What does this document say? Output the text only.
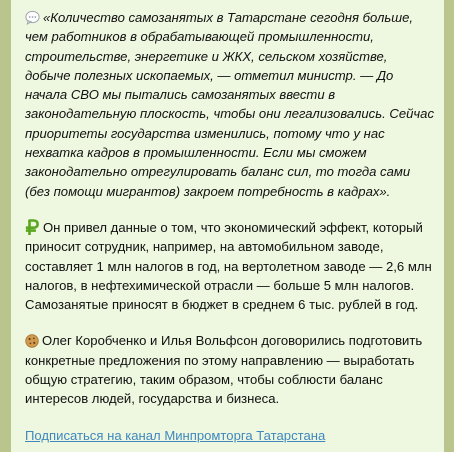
«Количество самозанятых в Татарстане сегодня больше, чем работников в обрабатывающей промышленности, строительстве, энергетике и ЖКХ, сельском хозяйстве, добыче полезных ископаемых, — отметил министр. — До начала СВО мы пытались самозанятых ввести в законодательную плоскость, чтобы они легализовались. Сейчас приоритеты государства изменились, потому что у нас нехватка кадров в промышленности. Если мы сможем законодательно отрегулировать баланс сил, то тогда сами (без помощи мигрантов) закроем потребность в кадрах».

Он привел данные о том, что экономический эффект, который приносит сотрудник, например, на автомобильном заводе, составляет 1 млн налогов в год, на вертолетном заводе — 2,6 млн налогов, в нефтехимической отрасли — больше 5 млн налогов. Самозанятые приносят в бюджет в среднем 6 тыс. рублей в год.

Олег Коробченко и Илья Вольфсон договорились подготовить конкретные предложения по этому направлению — выработать общую стратегию, таким образом, чтобы соблюсти баланс интересов людей, государства и бизнеса.

Подписаться на канал Минпромторга Татарстана
